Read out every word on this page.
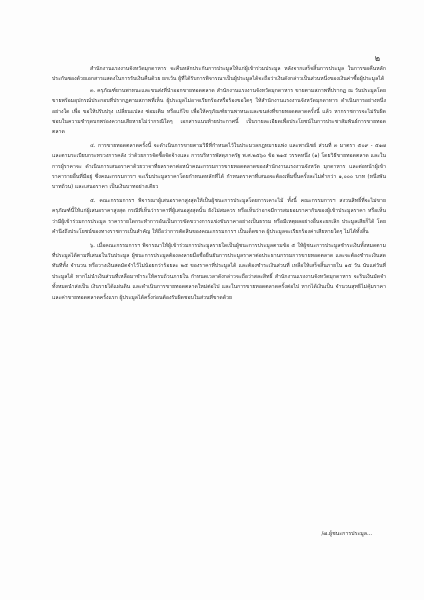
๒

สำนักงานแรงงานจังหวัดมุกดาหาร จะคืนหลักประกันการประมูลให้แก่ผู้เข้าร่วมประมูล หลังจากเสร็จสิ้นการประมูล ในการขอคืนหลักประกันซองด้วยเอกสารแสดงในการรับเงินคืนด้วย ยกเว้น ผู้ที่ได้รับการพิจารณาเป็นผู้ประมูลได้จะถือว่าเงินดังกล่าวเป็นส่วนหนึ่งของเงินค่าซื้อผู้ประมูลได้

๓. ครุภัณฑ์ยานพาหนะและขนส่งที่นำออกขายทอดตลาด สำนักงานแรงงานจังหวัดมุกดาหาร ขายตามสภาพที่ปรากฏ ณ วันประมูลโดยขายพร้อมอุปกรณ์ประกอบที่ปรากฏตามสภาพที่เห็น ผู้ประมูลไม่อาจเรียกร้องหรือร้องขอใดๆ ให้สำนักงานแรงงานจังหวัดมุกดาหาร ดำเนินการอย่างหนึ่งอย่างใด เพื่อ ขอให้ปรับปรุง เปลี่ยนแปลง ซ่อมเติม หรือแก้ไข เพื่อให้ครุภัณฑ์ยานพาหนะและขนส่งที่ขายทอดตลาดครั้งนี้ แล้ว หากราชการจะไม่รับผิดชอบในความชำรุดบกพร่องความเสียหายไม่ว่ากรณีใดๆ เอกสารแนบท้ายประกาศนี้ เป็นรายละเอียดเพื่อประโยชน์ในการประชาสัมพันธ์การขายทอดตลาด

๔. การขายทอดตลาดครั้งนี้ จะดำเนินการขายตามวิธีที่กำหนดไว้ในประมวลกฎหมายแพ่ง และพาณิชย์ ส่วนที่ ๓ มาตรา ๕๐๙ - ๕๑๗ และตามระเบียบกระทรวงการคลัง ว่าด้วยการจัดซื้อจัดจ้างและ การบริหารพัสดุภาครัฐ พ.ศ.๒๕๖๐ ข้อ ๒๑๕ วรรคหนึ่ง (๑) โดยวิธีขายทอดตลาด และในการผู้ราคาจะ ดำเนินการเสนอราคาด้วยวาจาที่ผลราคาต่อหน้าคณะกรรมการขายทอดตลาดของสำนักงานแรงงานจังหวัด มุกดาหาร และต่อหน้าผู้เข้าราคารายอื่นที่มีอยู่ ซึ่งคณะกรรมการฯ จะเริ่มประมูลราคาโดยกำหนดหลักที่ได้ กำหนดราคาที่เสนอจะต้องเพิ่มขึ้นครั้งละไม่ต่ำกว่า ๑,๐๐๐ บาท (หนึ่งพันบาทถ้วน) และเสนอราคา เป็นเงินบาทอย่างเดียว

๕. คณะกรรมการฯ พิจารณาผู้เสนอราคาสูงสุดให้เป็นผู้ชนะการประมูลโดยการเคาะไม้ ทั้งนี้ คณะกรรมการฯ สงวนสิทธิ์ที่จะไม่ขายครุภัณฑ์นี้ให้แก่ผู้เสนอราคาสูงสุด กรณีที่เห็นว่าราคาที่ผู้เสนอสูงสุดนั้น ยังไม่สมควร หรือเห็นว่าอาจมีการสมยอมราคากันของผู้เข้าประมูลราคา หรือเห็นว่ามีผู้เข้าร่วมการประมูล ราคารายใดกระทำการอันเป็นการขัดขวางการแข่งขันราคาอย่างเป็นธรรม หรือมีเหตุผลอย่างอื่นจะยกเลิก ประมูลเสียก็ได้ โดยคำนึงถึงประโยชน์ของทางราชการเป็นสำคัญ ให้ถือว่าการตัดสินของคณะกรรมการฯ เป็นเด็ดขาด ผู้ประมูลจะเรียกร้องค่าเสียหายใดๆ ไม่ได้ทั้งสิ้น

๖. เมื่อคณะกรรมการฯ พิจารณาให้ผู้เข้าร่วมการประมูลรายใดเป็นผู้ชนะการประมูลตามข้อ ๕ ให้ผู้ชนะการประมูลชำระเงินทั้งหมดตามที่ประมูลได้ตามที่เสนอในวันประมูล ผู้ชนะการประมูลต้องลงลายมือชื่อยืนยันการประมูลราคาต่อประธานกรรมการขายทอดตลาด และจะต้องชำระเงินสดทันทีทั้ง จำนวน หรือวางเงินสดมัดจำไว้ไม่น้อยกว่าร้อยละ ๒๕ ของราคาที่ประมูลได้ และต้องชำระเงินส่วนที่ เหลือให้เสร็จสิ้นภายใน ๑๕ วัน นับแต่วันที่ประมูลได้ หากไม่นำเงินส่วนที่เหลือมาชำระให้ครบถ้วนภายใน กำหนดเวลาดังกล่าวจะถือว่าสละสิทธิ์ สำนักงานแรงงานจังหวัดมุกดาหาร จะริบเงินมัดจำทั้งหมดนำส่งเป็น เงินรายได้แผ่นดิน และดำเนินการขายทอดตลาดใหม่ต่อไป และในการขายทอดตลาดครั้งต่อไป หากได้เงินเป็น จำนวนสุทธิไม่คุ้มราคาและค่าขายทอดตลาดครั้งแรก ผู้ประมูลได้ครั้งก่อนต้องรับผิดชอบในส่วนที่ขาดด้วย

/๗.ผู้ชนะการประมูล...
